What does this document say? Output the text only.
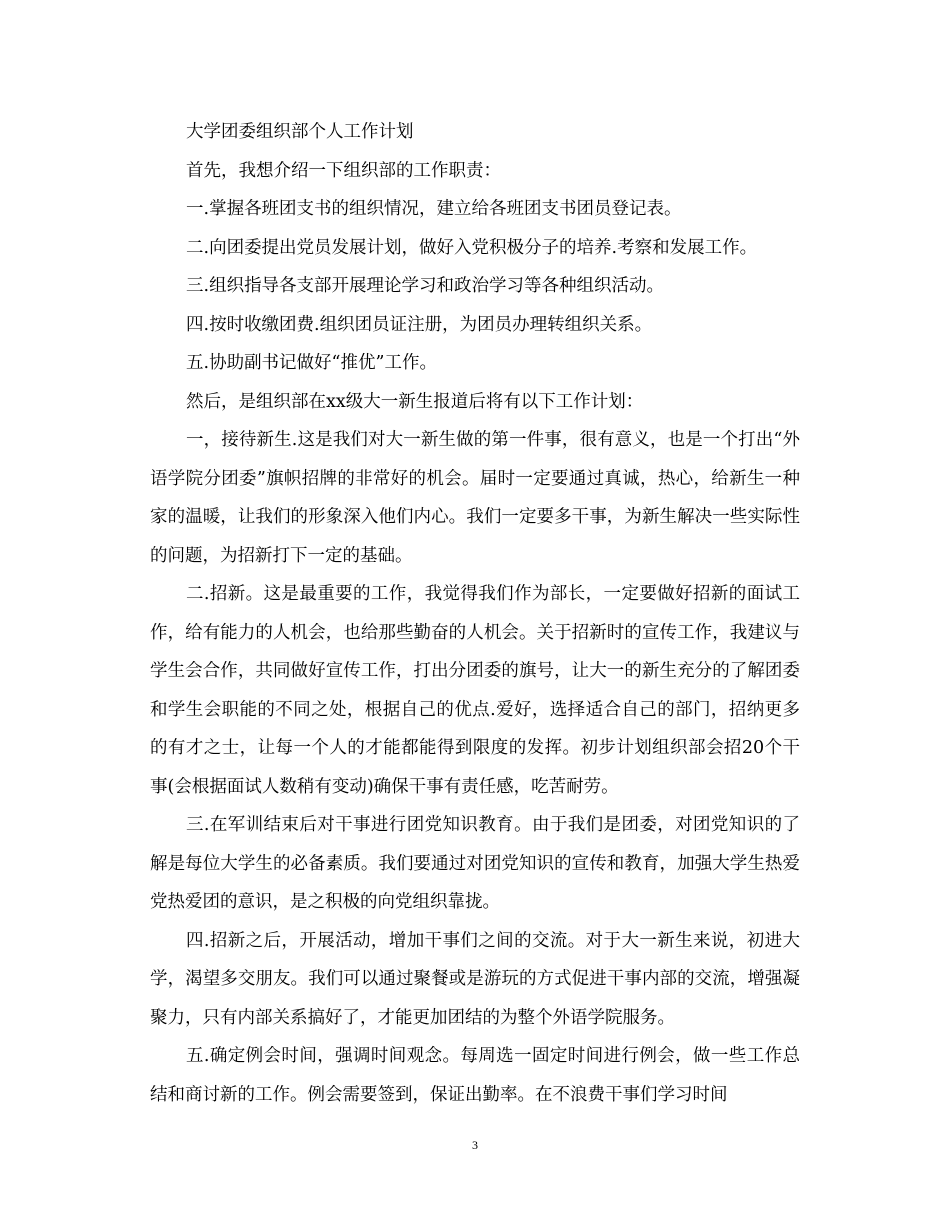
大学团委组织部个人工作计划

首先，我想介绍一下组织部的工作职责：

一.掌握各班团支书的组织情况，建立给各班团支书团员登记表。

二.向团委提出党员发展计划，做好入党积极分子的培养.考察和发展工作。

三.组织指导各支部开展理论学习和政治学习等各种组织活动。

四.按时收缴团费.组织团员证注册，为团员办理转组织关系。

五.协助副书记做好“推优”工作。

然后，是组织部在xx级大一新生报道后将有以下工作计划：

一，接待新生.这是我们对大一新生做的第一件事，很有意义，也是一个打出“外语学院分团委”旗帜招牌的非常好的机会。届时一定要通过真诚，热心，给新生一种家的温暖，让我们的形象深入他们内心。我们一定要多干事，为新生解决一些实际性的问题，为招新打下一定的基础。

二.招新。这是最重要的工作，我觉得我们作为部长，一定要做好招新的面试工作，给有能力的人机会，也给那些勤奋的人机会。关于招新时的宣传工作，我建议与学生会合作，共同做好宣传工作，打出分团委的旗号，让大一的新生充分的了解团委和学生会职能的不同之处，根据自己的优点.爱好，选择适合自己的部门，招纳更多的有才之士，让每一个人的才能都能得到限度的发挥。初步计划组织部会招20个干事(会根据面试人数稍有变动)确保干事有责任感，吃苦耐劳。

三.在军训结束后对干事进行团党知识教育。由于我们是团委，对团党知识的了解是每位大学生的必备素质。我们要通过对团党知识的宣传和教育，加强大学生热爱党热爱团的意识，是之积极的向党组织靠拢。

四.招新之后，开展活动，增加干事们之间的交流。对于大一新生来说，初进大学，渴望多交朋友。我们可以通过聚餐或是游玩的方式促进干事内部的交流，增强凝聚力，只有内部关系搞好了，才能更加团结的为整个外语学院服务。

五.确定例会时间，强调时间观念。每周选一固定时间进行例会，做一些工作总结和商讨新的工作。例会需要签到，保证出勤率。在不浪费干事们学习时间

3
